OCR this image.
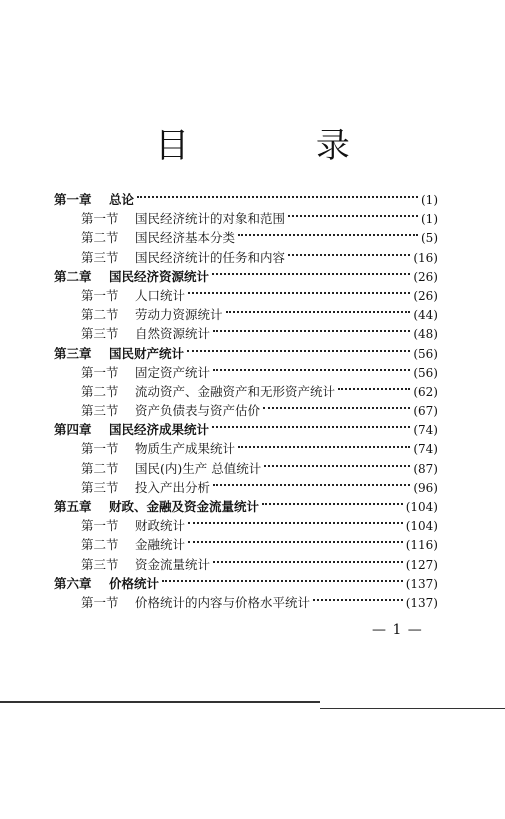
目 录
第一章	总论	(1)
第一节	国民经济统计的对象和范围	(1)
第二节	国民经济基本分类	(5)
第三节	国民经济统计的任务和内容	(16)
第二章	国民经济资源统计	(26)
第一节	人口统计	(26)
第二节	劳动力资源统计	(44)
第三节	自然资源统计	(48)
第三章	国民财产统计	(56)
第一节	固定资产统计	(56)
第二节	流动资产、金融资产和无形资产统计	(62)
第三节	资产负债表与资产估价	(67)
第四章	国民经济成果统计	(74)
第一节	物质生产成果统计	(74)
第二节	国民(内)生产 总值统计	(87)
第三节	投入产出分析	(96)
第五章	财政、金融及资金流量统计	(104)
第一节	财政统计	(104)
第二节	金融统计	(116)
第三节	资金流量统计	(127)
第六章	价格统计	(137)
第一节	价格统计的内容与价格水平统计	(137)
— 1 —
